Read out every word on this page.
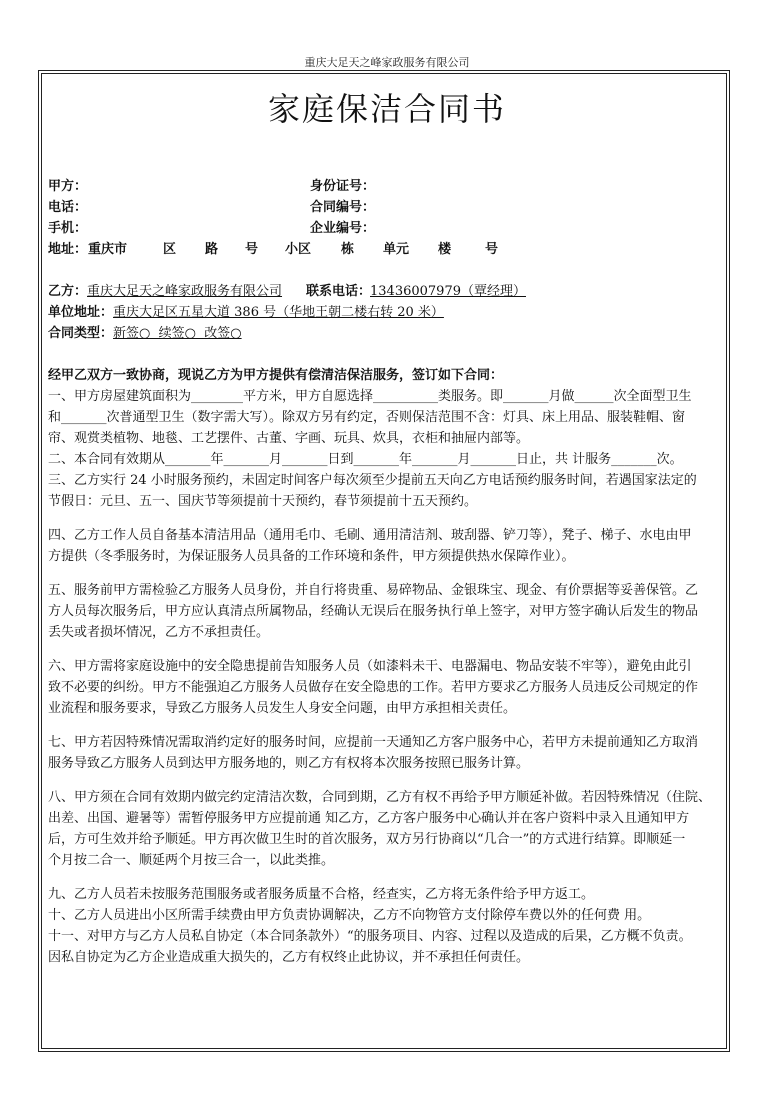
重庆大足天之峰家政服务有限公司
家庭保洁合同书
甲方：	身份证号：
电话：	合同编号：
手机：	企业编号：
地址： 重庆市	区 路 号 小区 栋 单元 楼	号
乙方：重庆大足天之峰家政服务有限公司 联系电话：
13436007979（覃经理）
单位地址：重庆大足区五星大道 386 号（华地王朝二楼右转 20 米）
合同类型：新签○  续签○  改签○
经甲乙双方一致协商，现说乙方为甲方提供有偿清洁保洁服务，签订如下合同：
一、甲方房屋建筑面积为________平方米，甲方自愿选择__________类服务。即_______月做______次全面型卫生
和_______次普通型卫生（数字需大写）。除双方另有约定，否则保洁范围不含：灯具、床上用品、服装鞋帽、窗
帘、观赏类植物、地毯、工艺摆件、古董、字画、玩具、炊具，衣柜和抽屉内部等。
二、本合同有效期从_______年_______月_______日到_______年_______月_______日止，共 计服务_______次。
三、乙方实行 24 小时服务预约，未固定时间客户每次须至少提前五天向乙方电话预约服务时间，若遇国家法定的
节假日：元旦、五一、国庆节等须提前十天预约，春节须提前十五天预约。
四、乙方工作人员自备基本清洁用品（通用毛巾、毛刷、通用清洁剂、玻刮器、铲刀等），凳子、梯子、水电由甲
方提供（冬季服务时，为保证服务人员具备的工作环境和条件，甲方须提供热水保障作业）。
五、服务前甲方需检验乙方服务人员身份，并自行将贵重、易碎物品、金银珠宝、现金、有价票据等妥善保管。乙
方人员每次服务后，甲方应认真清点所属物品，经确认无误后在服务执行单上签字，对甲方签字确认后发生的物品
丢失或者损坏情况，乙方不承担责任。
六、甲方需将家庭设施中的安全隐患提前告知服务人员（如漆料未干、电器漏电、物品安装不牢等），避免由此引
致不必要的纠纷。甲方不能强迫乙方服务人员做存在安全隐患的工作。若甲方要求乙方服务人员违反公司规定的作
业流程和服务要求，导致乙方服务人员发生人身安全问题，由甲方承担相关责任。
七、甲方若因特殊情况需取消约定好的服务时间，应提前一天通知乙方客户服务中心，若甲方未提前通知乙方取消
服务导致乙方服务人员到达甲方服务地的，则乙方有权将本次服务按照已服务计算。
八、甲方须在合同有效期内做完约定清洁次数，合同到期，乙方有权不再给予甲方顺延补做。若因特殊情况（住院、
出差、出国、避暑等）需暂停服务甲方应提前通 知乙方，乙方客户服务中心确认并在客户资料中录入且通知甲方
后，方可生效并给予顺延。甲方再次做卫生时的首次服务，双方另行协商以“几合一”的方式进行结算。即顺延一
个月按二合一、顺延两个月按三合一，以此类推。
九、乙方人员若未按服务范围服务或者服务质量不合格，经查实，乙方将无条件给予甲方返工。
十、乙方人员进出小区所需手续费由甲方负责协调解决，乙方不向物管方支付除停车费以外的任何费 用。
十一、对甲方与乙方人员私自协定（本合同条款外）“的服务项目、内容、过程以及造成的后果，乙方概不负责。
因私自协定为乙方企业造成重大损失的，乙方有权终止此协议，并不承担任何责任。
